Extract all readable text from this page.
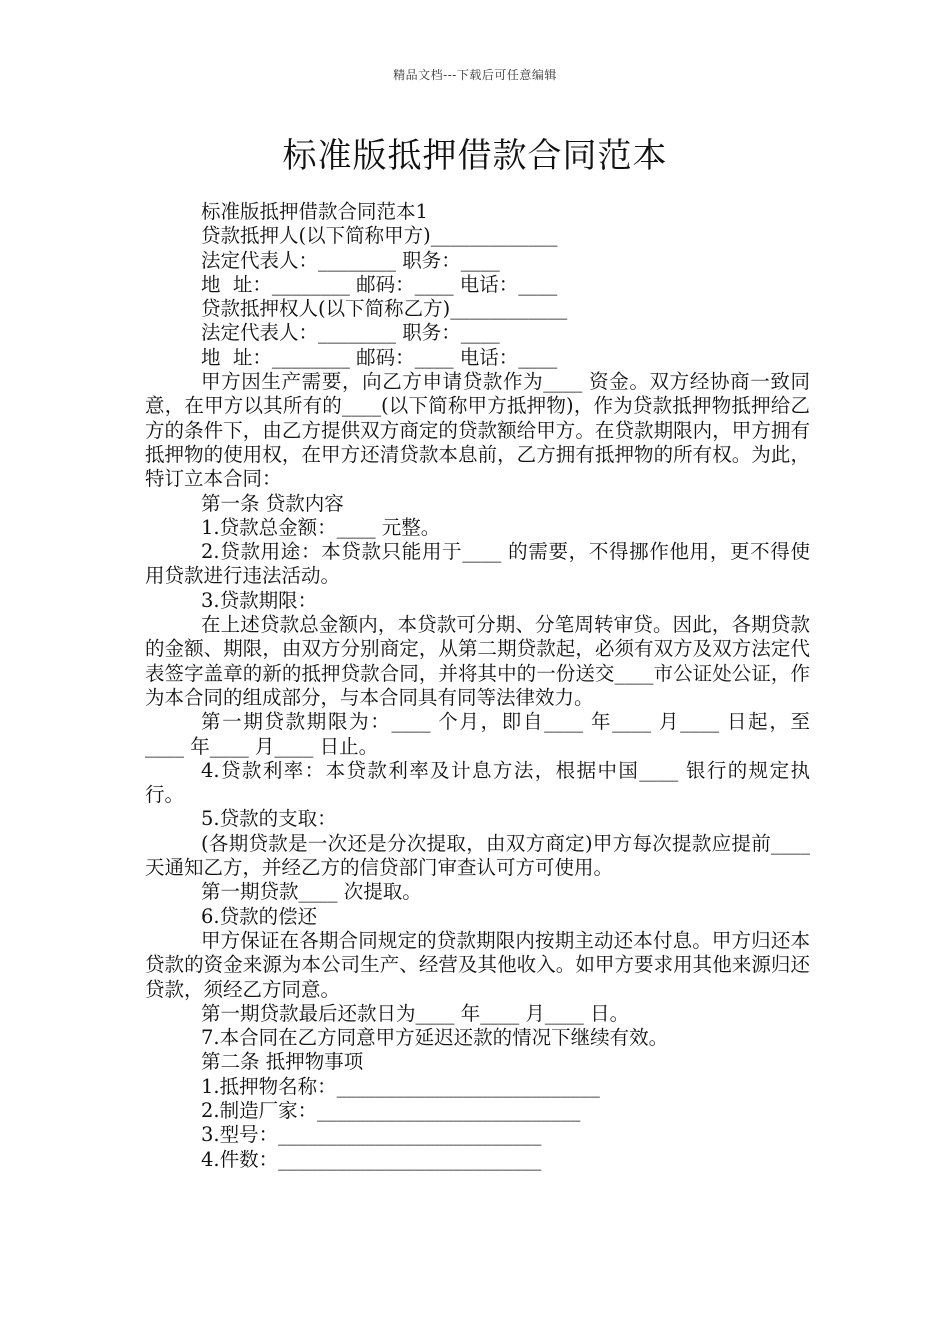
精品文档---下载后可任意编辑
标准版抵押借款合同范本

标准版抵押借款合同范本1

贷款抵押人(以下简称甲方)_____________

法定代表人：________ 职务：____

地  址：________ 邮码：____ 电话：____

贷款抵押权人(以下简称乙方)____________

法定代表人：________ 职务：____

地  址：________ 邮码：____ 电话：____

甲方因生产需要，向乙方申请贷款作为____ 资金。双方经协商一致同意，在甲方以其所有的____(以下简称甲方抵押物)，作为贷款抵押物抵押给乙方的条件下，由乙方提供双方商定的贷款额给甲方。在贷款期限内，甲方拥有抵押物的使用权，在甲方还清贷款本息前，乙方拥有抵押物的所有权。为此，特订立本合同：

第一条 贷款内容

1.贷款总金额：____ 元整。

2.贷款用途：本贷款只能用于____ 的需要，不得挪作他用，更不得使用贷款进行违法活动。

3.贷款期限：

在上述贷款总金额内，本贷款可分期、分笔周转审贷。因此，各期贷款的金额、期限，由双方分别商定，从第二期贷款起，必须有双方及双方法定代表签字盖章的新的抵押贷款合同，并将其中的一份送交____市公证处公证，作为本合同的组成部分，与本合同具有同等法律效力。

第一期贷款期限为：____ 个月，即自____ 年____ 月____ 日起，至____ 年____ 月____ 日止。

4.贷款利率：本贷款利率及计息方法，根据中国____ 银行的规定执行。

5.贷款的支取：

(各期贷款是一次还是分次提取，由双方商定)甲方每次提款应提前____ 天通知乙方，并经乙方的信贷部门审查认可方可使用。

第一期贷款____ 次提取。

6.贷款的偿还

甲方保证在各期合同规定的贷款期限内按期主动还本付息。甲方归还本贷款的资金来源为本公司生产、经营及其他收入。如甲方要求用其他来源归还贷款，须经乙方同意。

第一期贷款最后还款日为____ 年____ 月____ 日。

7.本合同在乙方同意甲方延迟还款的情况下继续有效。

第二条 抵押物事项

1.抵押物名称：___________________________

2.制造厂家：___________________________

3.型号：___________________________

4.件数：___________________________
